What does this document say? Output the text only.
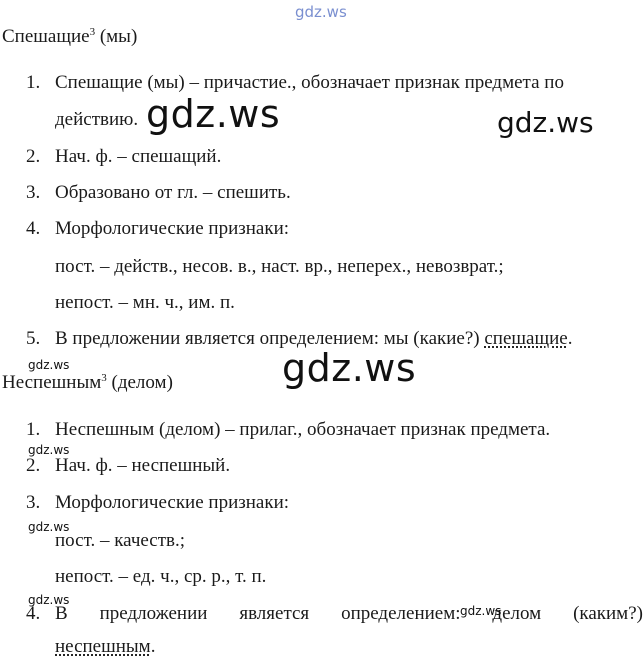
gdz.ws
Спешащие$^3$ (мы)
1. Спешащие (мы) – причастие., обозначает признак предмета по
действию. gdz.ws	gdz.ws
2. Нач. ф. – спешащий.
3. Образовано от гл. – спешить.
4. Морфологические признаки:
пост. – действ., несов. в., наст. вр., неперех., невозврат.;
непост. – мн. ч., им. п.
5. В предложении является определением: мы (какие?) спешащие.
gdz.ws	gdz.ws
Неспешным$^3$ (делом)
1. Неспешным (делом) – прилаг., обозначает признак предмета.
gdz.ws
2. Нач. ф. – неспешный.
3. Морфологические признаки:
gdz.ws
пост. – качеств.;
непост. – ед. ч., ср. р., т. п.
gdz.ws
4. В предложении является определением: делом (каким?)
gdz.ws
неспешным.
